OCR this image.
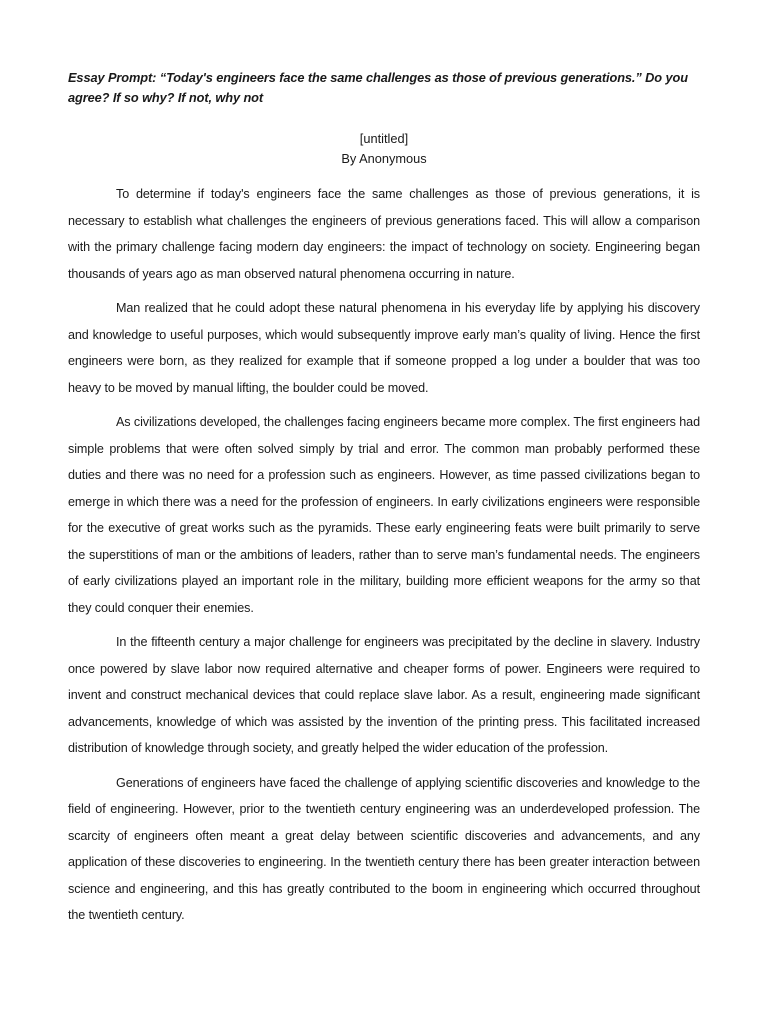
Essay Prompt: “Today's engineers face the same challenges as those of previous generations.” Do you agree? If so why? If not, why not

[untitled]
By Anonymous

To determine if today's engineers face the same challenges as those of previous generations, it is necessary to establish what challenges the engineers of previous generations faced. This will allow a comparison with the primary challenge facing modern day engineers: the impact of technology on society. Engineering began thousands of years ago as man observed natural phenomena occurring in nature.

Man realized that he could adopt these natural phenomena in his everyday life by applying his discovery and knowledge to useful purposes, which would subsequently improve early man’s quality of living. Hence the first engineers were born, as they realized for example that if someone propped a log under a boulder that was too heavy to be moved by manual lifting, the boulder could be moved.

As civilizations developed, the challenges facing engineers became more complex. The first engineers had simple problems that were often solved simply by trial and error. The common man probably performed these duties and there was no need for a profession such as engineers. However, as time passed civilizations began to emerge in which there was a need for the profession of engineers. In early civilizations engineers were responsible for the executive of great works such as the pyramids. These early engineering feats were built primarily to serve the superstitions of man or the ambitions of leaders, rather than to serve man’s fundamental needs. The engineers of early civilizations played an important role in the military, building more efficient weapons for the army so that they could conquer their enemies.

In the fifteenth century a major challenge for engineers was precipitated by the decline in slavery. Industry once powered by slave labor now required alternative and cheaper forms of power. Engineers were required to invent and construct mechanical devices that could replace slave labor. As a result, engineering made significant advancements, knowledge of which was assisted by the invention of the printing press. This facilitated increased distribution of knowledge through society, and greatly helped the wider education of the profession.

Generations of engineers have faced the challenge of applying scientific discoveries and knowledge to the field of engineering. However, prior to the twentieth century engineering was an underdeveloped profession. The scarcity of engineers often meant a great delay between scientific discoveries and advancements, and any application of these discoveries to engineering. In the twentieth century there has been greater interaction between science and engineering, and this has greatly contributed to the boom in engineering which occurred throughout the twentieth century.
